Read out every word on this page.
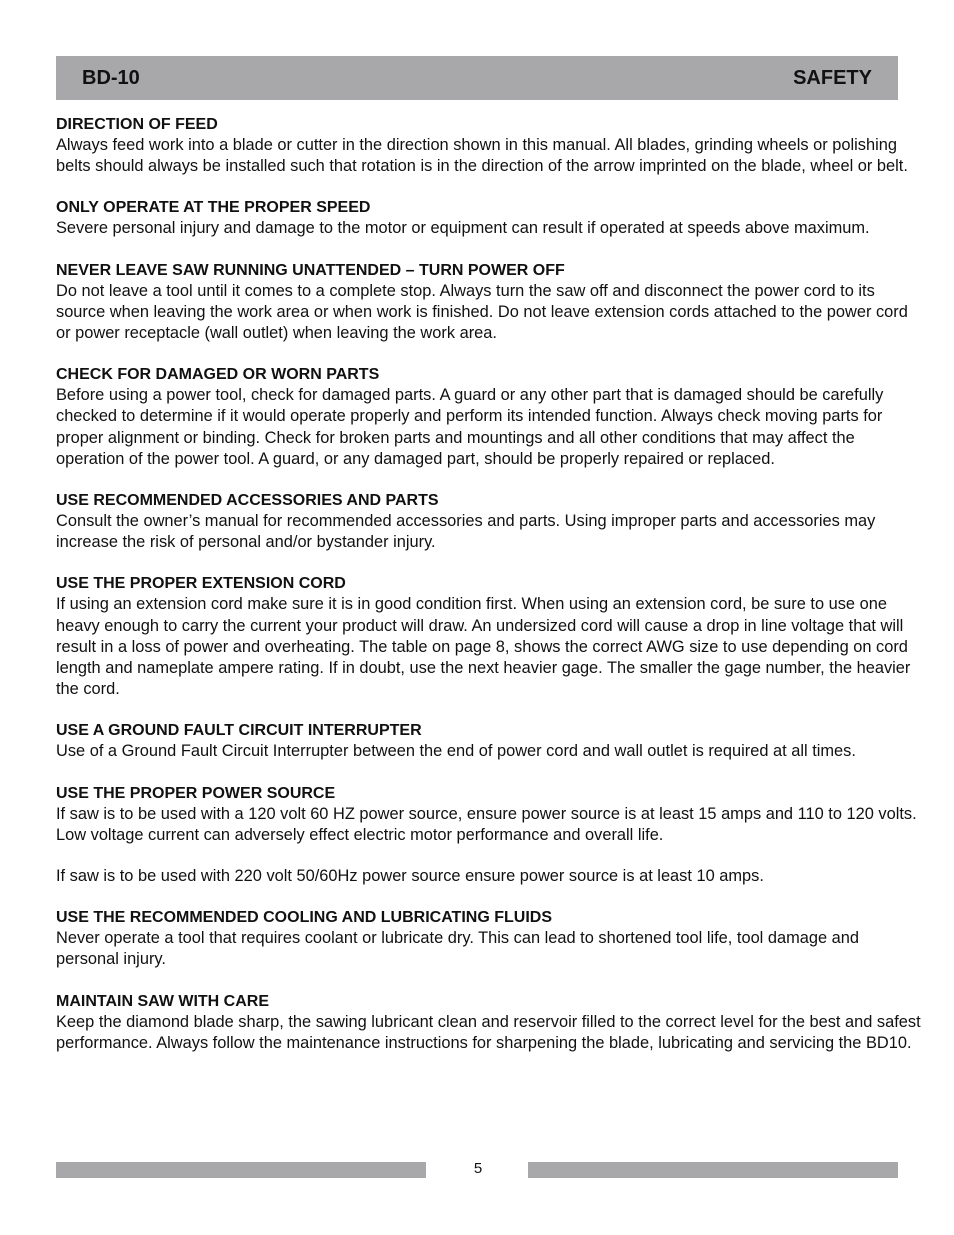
BD-10	SAFETY

DIRECTION OF FEED

Always feed work into a blade or cutter in the direction shown in this manual. All blades, grinding wheels or polishing belts should always be installed such that rotation is in the direction of the arrow imprinted on the blade, wheel or belt.

ONLY OPERATE AT THE PROPER SPEED

Severe personal injury and damage to the motor or equipment can result if operated at speeds above maximum.

NEVER LEAVE SAW RUNNING UNATTENDED – TURN POWER OFF

Do not leave a tool until it comes to a complete stop. Always turn the saw off and disconnect the power cord to its source when leaving the work area or when work is finished. Do not leave extension cords attached to the power cord or power receptacle (wall outlet) when leaving the work area.

CHECK FOR DAMAGED OR WORN PARTS

Before using a power tool, check for damaged parts. A guard or any other part that is damaged should be carefully checked to determine if it would operate properly and perform its intended function. Always check moving parts for proper alignment or binding. Check for broken parts and mountings and all other conditions that may affect the operation of the power tool. A guard, or any damaged part, should be properly repaired or replaced.

USE RECOMMENDED ACCESSORIES AND PARTS

Consult the owner’s manual for recommended accessories and parts. Using improper parts and accessories may increase the risk of personal and/or bystander injury.

USE THE PROPER EXTENSION CORD

If using an extension cord make sure it is in good condition first. When using an extension cord, be sure to use one heavy enough to carry the current your product will draw. An undersized cord will cause a drop in line voltage that will result in a loss of power and overheating. The table on page 8, shows the correct AWG size to use depending on cord length and nameplate ampere rating. If in doubt, use the next heavier gage. The smaller the gage number, the heavier the cord.

USE A GROUND FAULT CIRCUIT INTERRUPTER

Use of a Ground Fault Circuit Interrupter between the end of power cord and wall outlet is required at all times.

USE THE PROPER POWER SOURCE

If saw is to be used with a 120 volt 60 HZ power source, ensure power source is at least 15 amps and 110 to 120 volts. Low voltage current can adversely effect electric motor performance and overall life.

If saw is to be used with 220 volt 50/60Hz power source ensure power source is at least 10 amps.

USE THE RECOMMENDED COOLING AND LUBRICATING FLUIDS

Never operate a tool that requires coolant or lubricate dry. This can lead to shortened tool life, tool damage and personal injury.

MAINTAIN SAW WITH CARE

Keep the diamond blade sharp, the sawing lubricant clean and reservoir filled to the correct level for the best and safest performance. Always follow the maintenance instructions for sharpening the blade, lubricating and servicing the BD10.

5
